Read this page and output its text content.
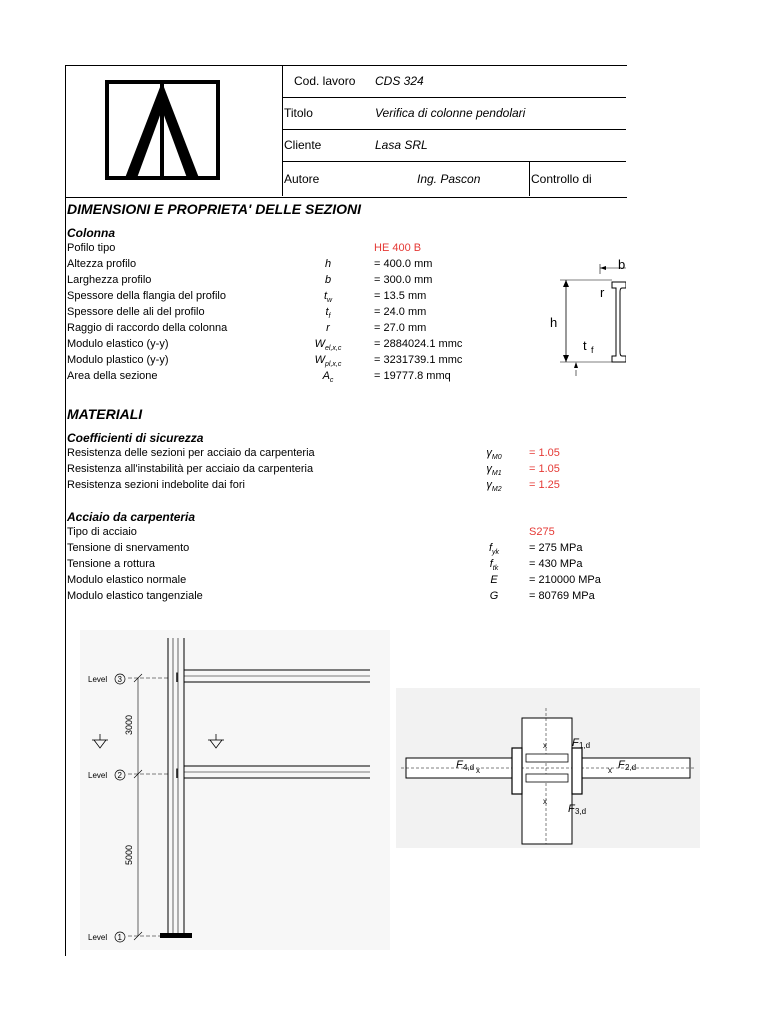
Cod. lavoro CDS 324
Titolo	Verifica di colonne pendolari
Cliente	Lasa SRL
Autore	Ing. Pascon	Controllo di
DIMENSIONI E PROPRIETA' DELLE SEZIONI
Colonna
Pofilo tipo	HE 400 B
Altezza profilo	h	= 400.0 mm
Larghezza profilo	b	= 300.0 mm
Spessore della flangia del profilo	$t_w$	= 13.5 mm
Spessore delle ali del profilo	$t_f$	= 24.0 mm
Raggio di raccordo della colonna	r	= 27.0 mm
Modulo elastico (y-y)	$W_{el,x,c}$	= 2884024.1 mmc
Modulo plastico (y-y)	$W_{pl,x,c}$	= 3231739.1 mmc
Area della sezione	$A_c$	= 19777.8 mmq
b
r
h
t f
MATERIALI
Coefficienti di sicurezza
Resistenza delle sezioni per acciaio da carpenteria	$\gamma_{M0}$	= 1.05
Resistenza all'instabilità per acciaio da carpenteria	$\gamma_{M1}$	= 1.05
Resistenza sezioni indebolite dai fori	$\gamma_{M2}$	= 1.25
Acciaio da carpenteria
Tipo di acciaio	S275
Tensione di snervamento	$f_{yk}$	= 275 MPa
Tensione a rottura	$f_{tk}$	= 430 MPa
Modulo elastico normale	E	= 210000 MPa
Modulo elastico tangenziale	G	= 80769 MPa
I
I
Level 3
Level 2
Level 1
3000
5000
x
x
x	x
F 1,d
F 2,d
F 3,d
F 4,d
